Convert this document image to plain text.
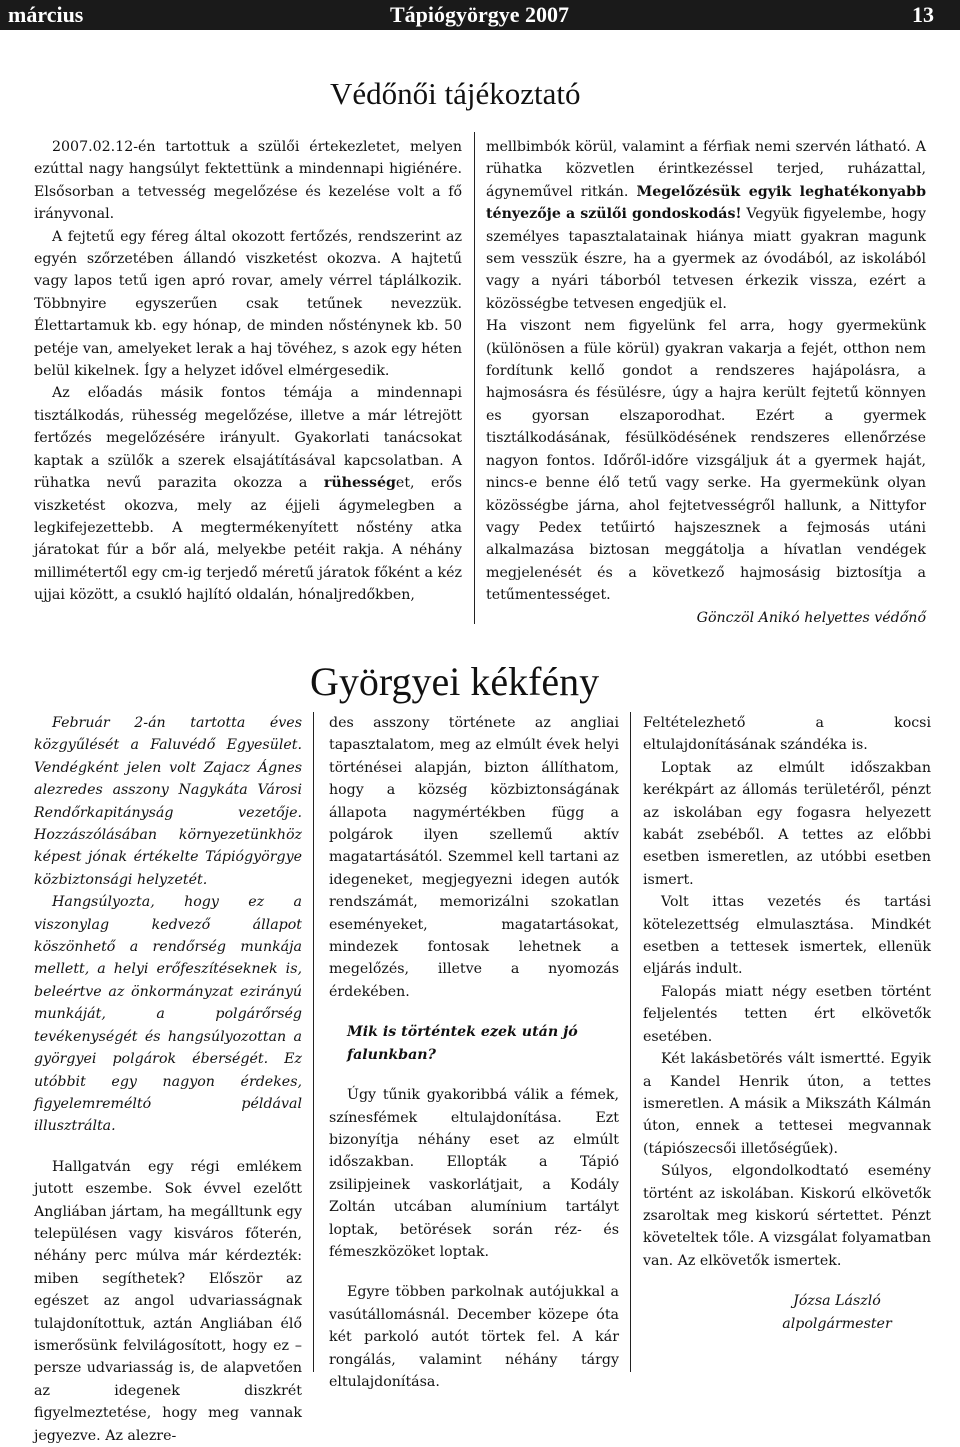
március	Tápiógyörgye 2007	13
Védőnői tájékoztató

2007.02.12-én tartottuk a szülői értekezletet, melyen ezúttal nagy hangsúlyt fektettünk a mindennapi higiénére. Elsősorban a tetvesség megelőzése és kezelése volt a fő irányvonal.

A fejtetű egy féreg által okozott fertőzés, rendszerint az egyén szőrzetében állandó viszketést okozva. A hajtetű vagy lapos tetű igen apró rovar, amely vérrel táplálkozik. Többnyire egyszerűen csak tetűnek nevezzük. Élettartamuk kb. egy hónap, de minden nősténynek kb. 50 petéje van, amelyeket lerak a haj tövéhez, s azok egy héten belül kikelnek. Így a helyzet idővel elmérgesedik.

Az előadás másik fontos témája a mindennapi tisztálkodás, rühesség megelőzése, illetve a már létrejött fertőzés megelőzésére irányult. Gyakorlati tanácsokat kaptak a szülők a szerek elsajátításával kapcsolatban. A rühatka nevű parazita okozza a rühességet, erős viszketést okozva, mely az éjjeli ágymelegben a legkifejezettebb. A megtermékenyített nőstény atka járatokat fúr a bőr alá, melyekbe petéit rakja. A néhány millimétertől egy cm-ig terjedő méretű járatok főként a kéz ujjai között, a csukló hajlító oldalán, hónaljredőkben,

mellbimbók körül, valamint a férfiak nemi szervén látható. A rühatka közvetlen érintkezéssel terjed, ruházattal, ágyneművel ritkán. Megelőzésük egyik leghatékonyabb tényezője a szülői gondoskodás! Vegyük figyelembe, hogy személyes tapasztalatainak hiánya miatt gyakran magunk sem vesszük észre, ha a gyermek az óvodából, az iskolából vagy a nyári táborból tetvesen érkezik vissza, ezért a közösségbe tetvesen engedjük el.

Ha viszont nem figyelünk fel arra, hogy gyermekünk (különösen a füle körül) gyakran vakarja a fejét, otthon nem fordítunk kellő gondot a rendszeres hajápolásra, a hajmosásra és fésülésre, úgy a hajra került fejtetű könnyen es gyorsan elszaporodhat. Ezért a gyermek tisztálkodásának, fésülködésének rendszeres ellenőrzése nagyon fontos. Időről-időre vizsgáljuk át a gyermek haját, nincs-e benne élő tetű vagy serke. Ha gyermekünk olyan közösségbe járna, ahol fejtetvességről hallunk, a Nittyfor vagy Pedex tetűirtó hajszesznek a fejmosás utáni alkalmazása biztosan meggátolja a hívatlan vendégek megjelenését és a következő hajmosásig biztosítja a tetűmentességet.

Gönczöl Anikó helyettes védőnő

Györgyei kékfény

Február 2-án tartotta éves közgyűlését a Faluvédő Egyesület. Vendégként jelen volt Zajacz Ágnes alezredes asszony Nagykáta Városi Rendőrkapitányság vezetője. Hozzászólásában környezetünkhöz képest jónak értékelte Tápiógyörgye közbiztonsági helyzetét.

Hangsúlyozta, hogy ez a viszonylag kedvező állapot köszönhető a rendőrség munkája mellett, a helyi erőfeszítéseknek is, beleértve az önkormányzat ezirányú munkáját, a polgárőrség tevékenységét és hangsúlyozottan a györgyei polgárok éberségét. Ez utóbbit egy nagyon érdekes, figyelemreméltó példával illusztrálta.

Hallgatván egy régi emlékem jutott eszembe. Sok évvel ezelőtt Angliában jártam, ha megálltunk egy településen vagy kisváros főterén, néhány perc múlva már kérdezték: miben segíthetek? Először az egészet az angol udvariasságnak tulajdonítottuk, aztán Angliában élő ismerősünk felvilágosított, hogy ez – persze udvariasság is, de alapvetően az idegenek diszkrét figyelmeztetése, hogy meg vannak jegyezve. Az alezre-

des asszony története az angliai tapasztalatom, meg az elmúlt évek helyi történései alapján, bizton állíthatom, hogy a község közbiztonságának állapota nagymértékben függ a polgárok ilyen szellemű aktív magatartásától. Szemmel kell tartani az idegeneket, megjegyezni idegen autók rendszámát, memorizálni szokatlan eseményeket, magatartásokat, mindezek fontosak lehetnek a megelőzés, illetve a nyomozás érdekében.

Mik is történtek ezek után jó falunkban?

Úgy tűnik gyakoribbá válik a fémek, színesfémek eltulajdonítása. Ezt bizonyítja néhány eset az elmúlt időszakban. Ellopták a Tápió zsilipjeinek vaskorlátjait, a Kodály Zoltán utcában alumínium tartályt loptak, betörések során réz- és fémeszközöket loptak.

Egyre többen parkolnak autójukkal a vasútállomásnál. December közepe óta két parkoló autót törtek fel. A kár rongálás, valamint néhány tárgy eltulajdonítása.

Feltételezhető a kocsi eltulajdonításának szándéka is.

Loptak az elmúlt időszakban kerékpárt az állomás területéről, pénzt az iskolában egy fogasra helyezett kabát zsebéből. A tettes az előbbi esetben ismeretlen, az utóbbi esetben ismert.

Volt ittas vezetés és tartási kötelezettség elmulasztása. Mindkét esetben a tettesek ismertek, ellenük eljárás indult.

Falopás miatt négy esetben történt feljelentés tetten ért elkövetők esetében.

Két lakásbetörés vált ismertté. Egyik a Kandel Henrik úton, a tettes ismeretlen. A másik a Mikszáth Kálmán úton, ennek a tettesei megvannak (tápiószecsői illetőségűek).

Súlyos, elgondolkodtató esemény történt az iskolában. Kiskorú elkövetők zsaroltak meg kiskorú sértettet. Pénzt követeltek tőle. A vizsgálat folyamatban van. Az elkövetők ismertek.

Józsa László

alpolgármester
